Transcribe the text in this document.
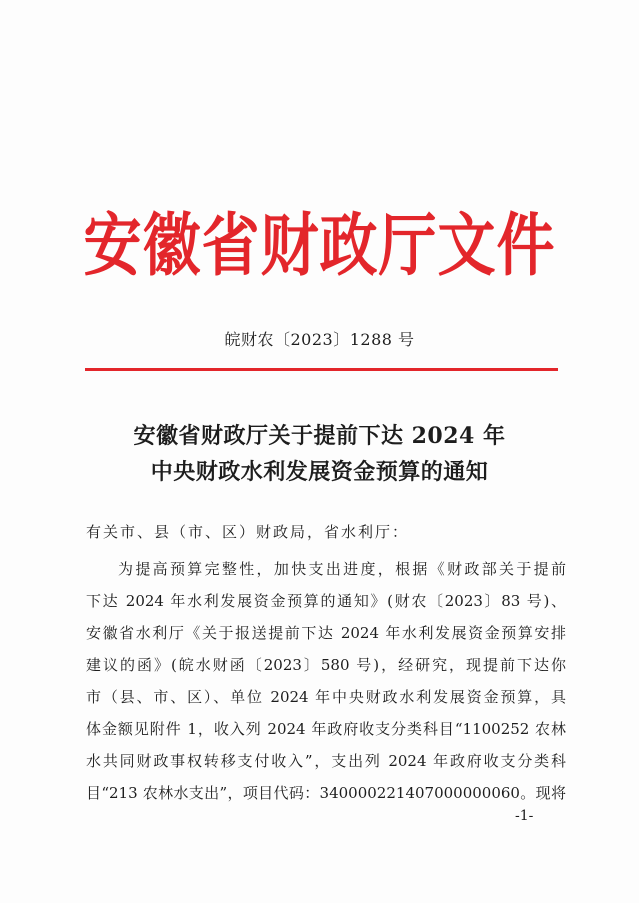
安徽省财政厅文件
皖财农〔2023〕1288 号
安徽省财政厅关于提前下达 2024 年
中央财政水利发展资金预算的通知
有关市、县（市、区）财政局，省水利厅：
为提高预算完整性，加快支出进度，根据《财政部关于提前
下达 2024 年水利发展资金预算的通知》(财农〔2023〕83 号)、
安徽省水利厅《关于报送提前下达 2024 年水利发展资金预算安排
建议的函》(皖水财函〔2023〕580 号)，经研究，现提前下达你
市（县、市、区）、单位 2024 年中央财政水利发展资金预算，具
体金额见附件 1，收入列 2024 年政府收支分类科目“1100252 农林
水共同财政事权转移支付收入”，支出列 2024 年政府收支分类科
目“213 农林水支出”，项目代码：340000221407000000060。现将
-1-
